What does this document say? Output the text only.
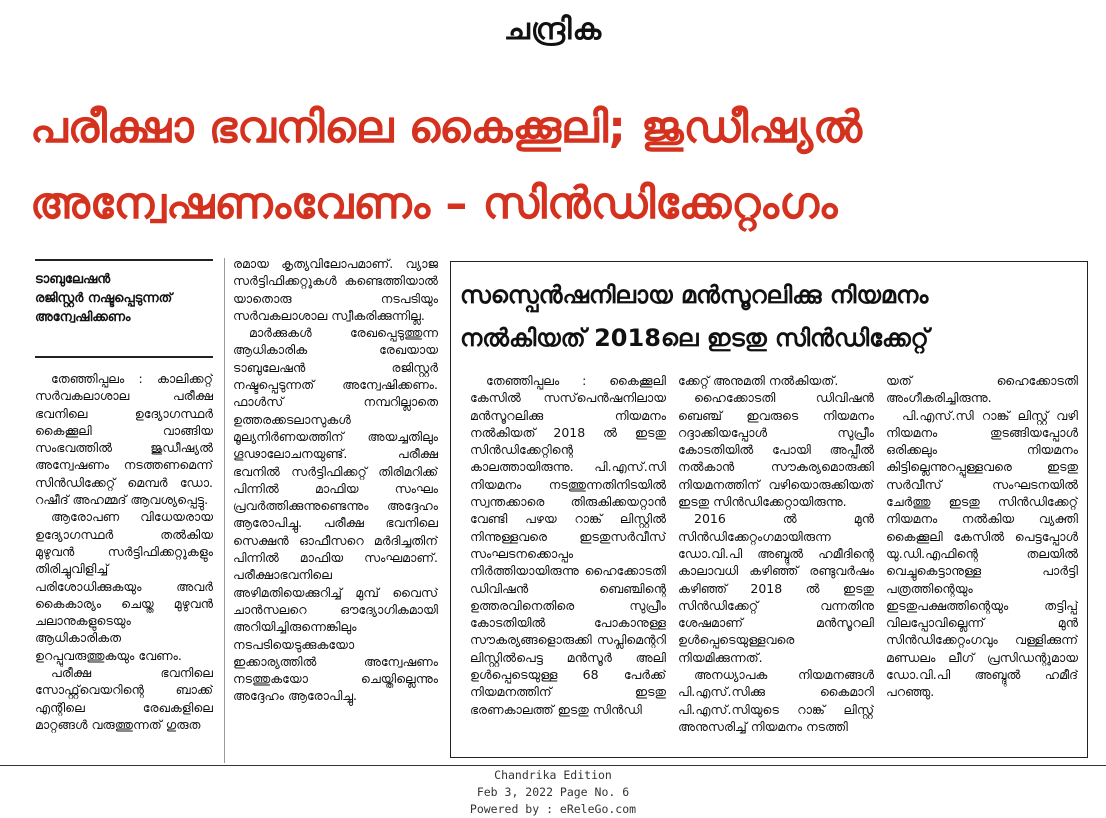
ചന്ദ്രിക
പരീക്ഷാ ഭവനിലെ കൈക്കൂലി; ജുഡീഷ്യൽ
അന്വേഷണംവേണം – സിൻഡിക്കേറ്റംഗം
ടാബുലേഷൻ
രജിസ്റ്റർ നഷ്ടപ്പെടുന്നത്
അന്വേഷിക്കണം

തേഞ്ഞിപ്പലം : കാലിക്കറ്റ് സർവകലാശാല പരീക്ഷ ഭവനിലെ ഉദ്യോഗസ്ഥർ കൈക്കൂലി വാങ്ങിയ സംഭവത്തിൽ ജുഡീഷ്യൽ അന്വേഷണം നടത്തണമെന്ന് സിൻഡിക്കേറ്റ് മെമ്പർ ഡോ. റഷീദ് അഹമ്മദ് ആവശ്യപ്പെട്ടു.

ആരോപണ വിധേയരായ ഉദ്യോഗസ്ഥർ തൽകിയ മുഴുവൻ സർട്ടിഫിക്കറ്റുകളും തിരിച്ചുവിളിച്ച് പരിശോധിക്കുകയും അവർ കൈകാര്യം ചെയ്ത മുഴുവൻ ചലാനുകളുടെയും ആധികാരികത ഉറപ്പുവരുത്തുകയും വേണം.

പരീക്ഷ ഭവനിലെ സോഫ്റ്റ്‌വെയറിന്റെ ബാക്ക് എന്റിലെ രേഖകളിലെ മാറ്റങ്ങൾ വരുത്തുന്നത് ഗുരുത

രമായ കൃത്യവിലോപമാണ്. വ്യാജ സർട്ടിഫിക്കറ്റുകൾ കണ്ടെത്തിയാൽ യാതൊരു നടപടിയും സർവകലാശാല സ്വീകരിക്കുന്നില്ല.

മാർക്കുകൾ രേഖപ്പെടുത്തുന്ന ആധികാരിക രേഖയായ ടാബുലേഷൻ രജിസ്റ്റർ നഷ്ടപ്പെടുന്നത് അന്വേഷിക്കണം. ഫാൾസ് നമ്പറില്ലാതെ ഉത്തരക്കടലാസുകൾ മൂല്യനിർണയത്തിന് അയച്ചതിലും ഗൂഢാലോചനയുണ്ട്. പരീക്ഷ ഭവനിൽ സർട്ടിഫിക്കറ്റ് തിരിമറിക്ക് പിന്നിൽ മാഫിയ സംഘം പ്രവർത്തിക്കുന്നുണ്ടെന്നും അദ്ദേഹം ആരോപിച്ചു. പരീക്ഷ ഭവനിലെ സെക്ഷൻ ഓഫീസറെ മർദിച്ചതിന് പിന്നിൽ മാഫിയ സംഘമാണ്. പരീക്ഷാഭവനിലെ അഴിമതിയെക്കുറിച്ച് മുമ്പ് വൈസ് ചാൻസലറെ ഔദ്യോഗികമായി അറിയിച്ചിരുന്നെങ്കിലും നടപടിയെടുക്കുകയോ ഇക്കാര്യത്തിൽ അന്വേഷണം നടത്തുകയോ ചെയ്തില്ലെന്നും അദ്ദേഹം ആരോപിച്ചു.

സസ്പെൻഷനിലായ മൻസൂറലിക്കു നിയമനം
നൽകിയത് 2018ലെ ഇടതു സിൻഡിക്കേറ്റ്

തേഞ്ഞിപ്പലം : കൈക്കൂലി കേസിൽ സസ്‌പെൻഷനിലായ മൻസൂറലിക്കു നിയമനം നൽകിയത് 2018 ൽ ഇടതു സിൻഡിക്കേറ്റിന്റെ കാലത്തായിരുന്നു. പി.എസ്.സി നിയമനം നടത്തുന്നതിനിടയിൽ സ്വന്തക്കാരെ തിരുകിക്കയറ്റാൻ വേണ്ടി പഴയ റാങ്ക് ലിസ്റ്റിൽ നിന്നുള്ളവരെ ഇടതുസർവീസ് സംഘടനക്കൊപ്പം നിർത്തിയായിരുന്നു ഹൈക്കോടതി ഡിവിഷൻ ബെഞ്ചിന്റെ ഉത്തരവിനെതിരെ സുപ്രീം കോടതിയിൽ പോകാനുള്ള സൗകര്യങ്ങളൊരുക്കി സപ്ലിമെന്ററി ലിസ്റ്റിൽപെട്ട മൻസൂർ അലി ഉൾപ്പെടെയുള്ള 68 പേർക്ക് നിയമനത്തിന് ഇടതു ഭരണകാലത്ത് ഇടതു സിൻഡി

ക്കേറ്റ് അനുമതി നൽകിയത്.

ഹൈക്കോടതി ഡിവിഷൻ ബെഞ്ച് ഇവരുടെ നിയമനം റദ്ദാക്കിയപ്പോൾ സുപ്രീം കോടതിയിൽ പോയി അപ്പീൽ നൽകാൻ സൗകര്യമൊരുക്കി നിയമനത്തിന് വഴിയൊരുക്കിയത് ഇടതു സിൻഡിക്കേറ്റായിരുന്നു.

2016 ൽ മുൻ സിൻഡിക്കേറ്റംഗമായിരുന്ന ഡോ.വി.പി അബ്ദുൽ ഹമീദിന്റെ കാലാവധി കഴിഞ്ഞ് രണ്ടുവർഷം കഴിഞ്ഞ് 2018 ൽ ഇടതു സിൻഡിക്കേറ്റ് വന്നതിനു ശേഷമാണ് മൻസൂറലി ഉൾപ്പെടെയുള്ളവരെ നിയമിക്കുന്നത്.

അനധ്യാപക നിയമനങ്ങൾ പി.എസ്.സിക്കു കൈമാറി പി.എസ്.സിയുടെ റാങ്ക് ലിസ്റ്റ് അനുസരിച്ച് നിയമനം നടത്തി

യത് ഹൈക്കോടതി അംഗീകരിച്ചിരുന്നു.

പി.എസ്.സി റാങ്ക് ലിസ്റ്റ് വഴി നിയമനം തുടങ്ങിയപ്പോൾ ഒരിക്കലും നിയമനം കിട്ടില്ലെന്നുറപ്പുള്ളവരെ ഇടതു സർവീസ് സംഘടനയിൽ ചേർത്തു ഇടതു സിൻഡിക്കേറ്റ് നിയമനം നൽകിയ വ്യക്തി കൈക്കൂലി കേസിൽ പെട്ടപ്പോൾ യു.ഡി.എഫിന്റെ തലയിൽ വെച്ചുകെട്ടാനുള്ള പാർട്ടി പത്രത്തിന്റെയും ഇടതുപക്ഷത്തിന്റെയും തട്ടിപ്പ് വിലപ്പോവില്ലെന്ന് മുൻ സിൻഡിക്കേറ്റംഗവും വള്ളിക്കുന്ന് മണ്ഡലം ലീഗ് പ്രസിഡന്റുമായ ഡോ.വി.പി അബ്ദുൽ ഹമീദ് പറഞ്ഞു.

Chandrika Edition
Feb 3, 2022 Page No. 6
Powered by : eReleGo.com
